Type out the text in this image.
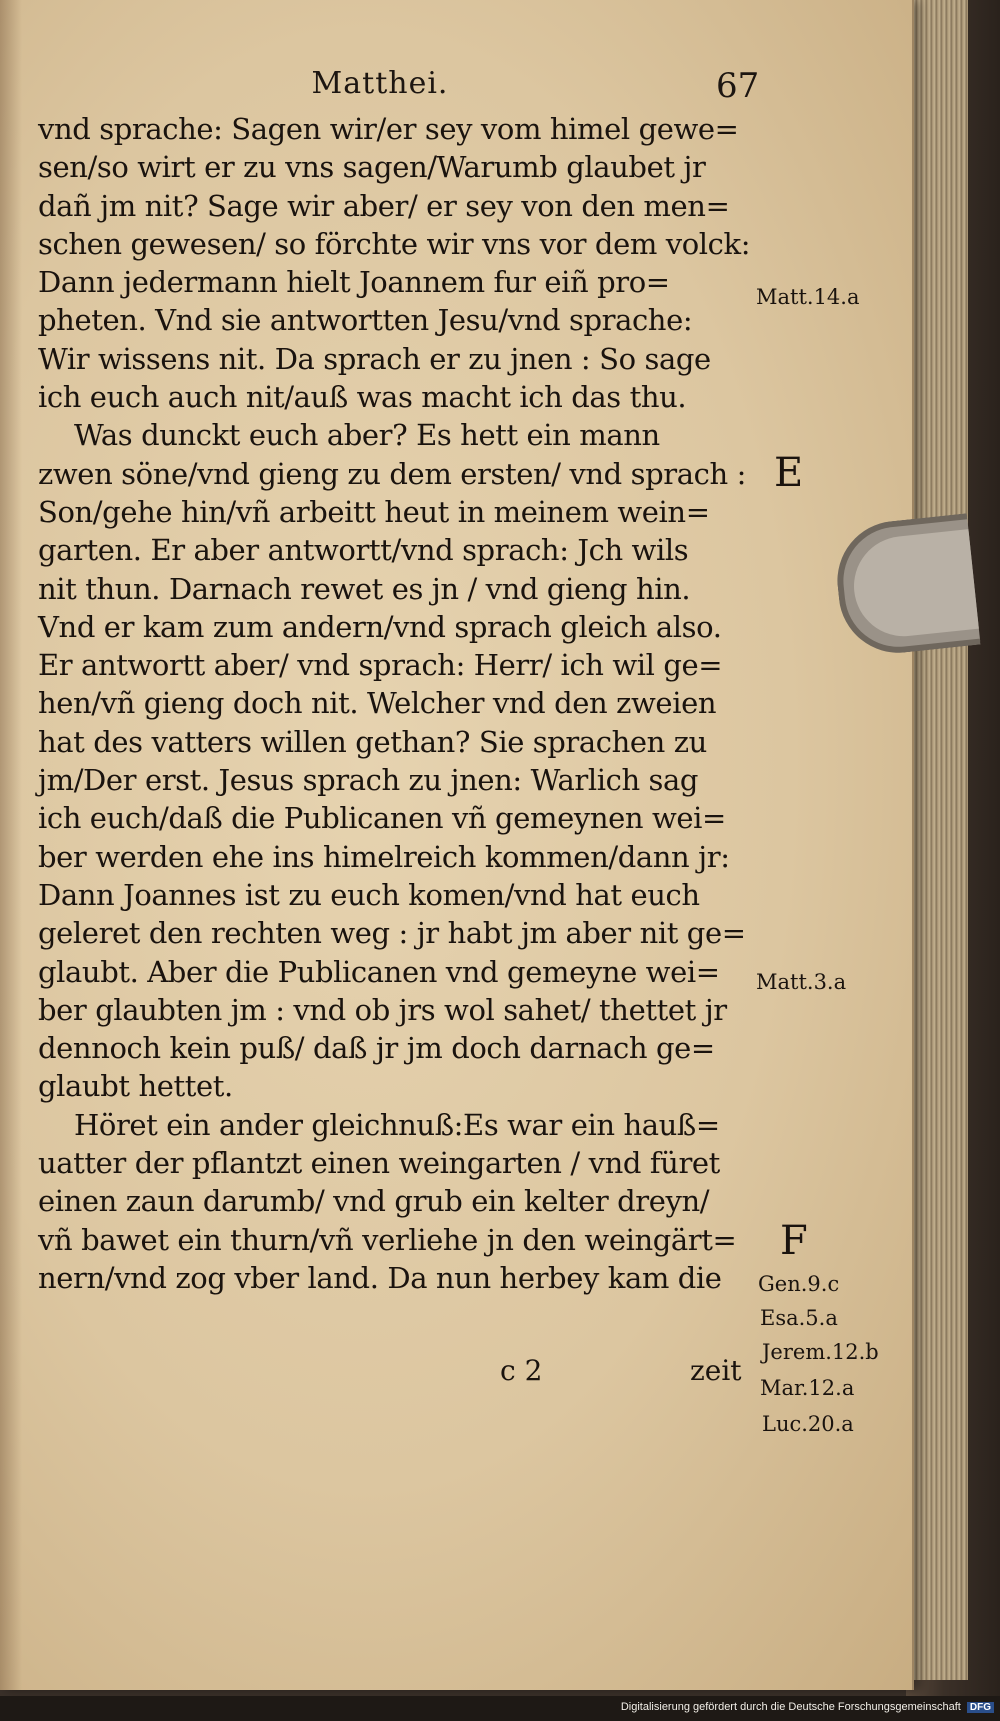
Matthei.	67
vnd sprache: Sagen wir/er sey vom himel gewe=
sen/so wirt er zu vns sagen/Warumb glaubet jr
dañ jm nit? Sage wir aber/ er sey von den men=
schen gewesen/ so förchte wir vns vor dem volck:
Dann jedermann hielt Joannem fur eiñ pro=
pheten. Vnd sie antwortten Jesu/vnd sprache:
Wir wissens nit. Da sprach er zu jnen : So sage
ich euch auch nit/auß was macht ich das thu.
Was dunckt euch aber? Es hett ein mann
zwen söne/vnd gieng zu dem ersten/ vnd sprach :
Son/gehe hin/vñ arbeitt heut in meinem wein=
garten. Er aber antwortt/vnd sprach: Jch wils
nit thun. Darnach rewet es jn / vnd gieng hin.
Vnd er kam zum andern/vnd sprach gleich also.
Er antwortt aber/ vnd sprach: Herr/ ich wil ge=
hen/vñ gieng doch nit. Welcher vnd den zweien
hat des vatters willen gethan? Sie sprachen zu
jm/Der erst. Jesus sprach zu jnen: Warlich sag
ich euch/daß die Publicanen vñ gemeynen wei=
ber werden ehe ins himelreich kommen/dann jr:
Dann Joannes ist zu euch komen/vnd hat euch
geleret den rechten weg : jr habt jm aber nit ge=
glaubt. Aber die Publicanen vnd gemeyne wei=
ber glaubten jm : vnd ob jrs wol sahet/ thettet jr
dennoch kein puß/ daß jr jm doch darnach ge=
glaubt hettet.
Höret ein ander gleichnuß:Es war ein hauß=
uatter der pflantzt einen weingarten / vnd füret
einen zaun darumb/ vnd grub ein kelter dreyn/
vñ bawet ein thurn/vñ verliehe jn den weingärt=
nern/vnd zog vber land. Da nun herbey kam die
c 2	zeit
Matt.14.a
E
Matt.3.a
F
Gen.9.c
Esa.5.a
Jerem.12.b
Mar.12.a
Luc.20.a
Digitalisierung gefördert durch die Deutsche Forschungsgemeinschaft DFG
